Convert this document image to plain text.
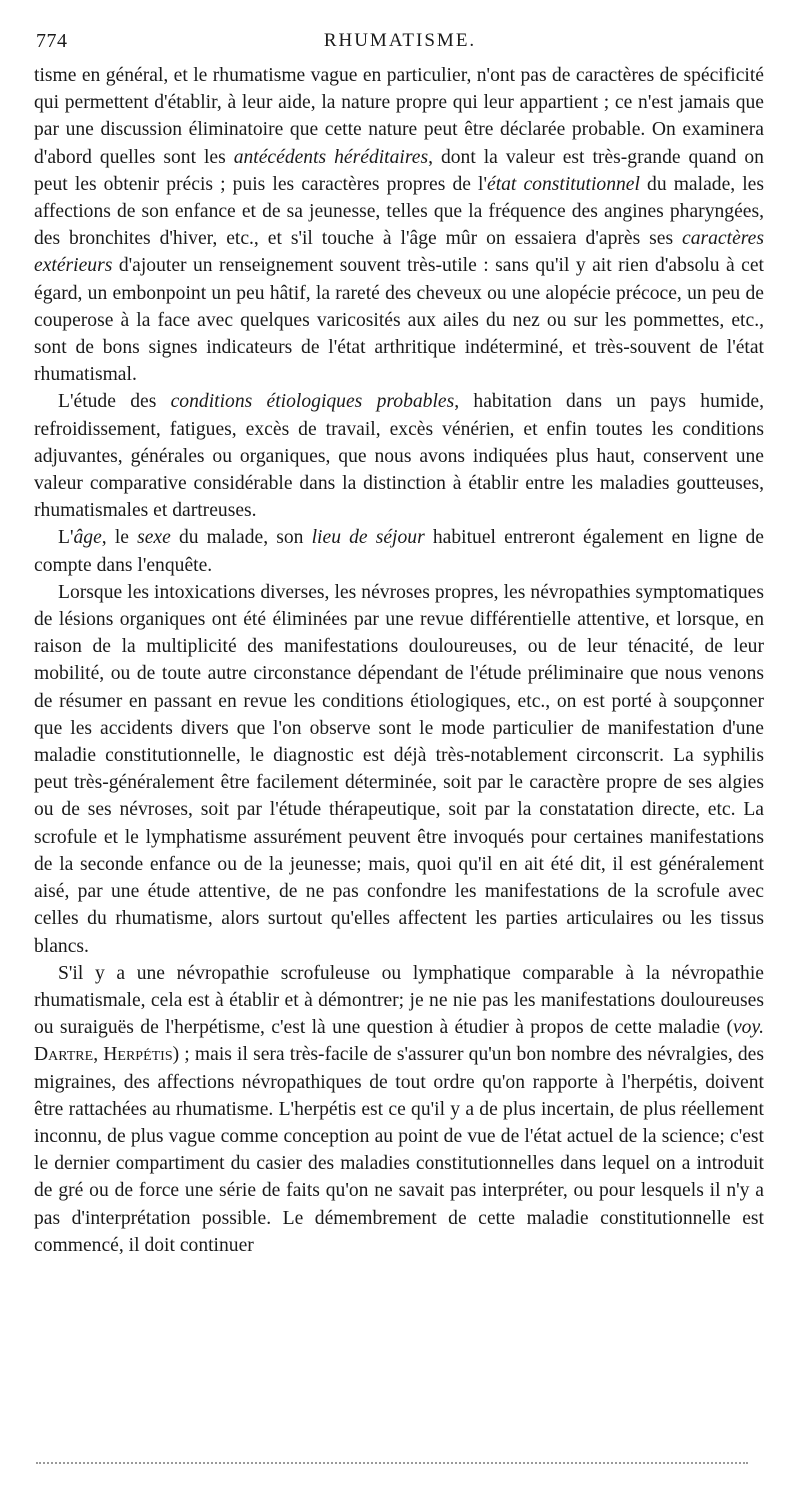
774	RHUMATISME.

tisme en général, et le rhumatisme vague en particulier, n'ont pas de caractères de spécificité qui permettent d'établir, à leur aide, la nature propre qui leur appartient ; ce n'est jamais que par une discussion éliminatoire que cette nature peut être déclarée probable. On examinera d'abord quelles sont les antécédents héréditaires, dont la valeur est très-grande quand on peut les obtenir précis ; puis les caractères propres de l'état constitutionnel du malade, les affections de son enfance et de sa jeunesse, telles que la fréquence des angines pharyngées, des bronchites d'hiver, etc., et s'il touche à l'âge mûr on essaiera d'après ses caractères extérieurs d'ajouter un renseignement souvent très-utile : sans qu'il y ait rien d'absolu à cet égard, un embonpoint un peu hâtif, la rareté des cheveux ou une alopécie précoce, un peu de couperose à la face avec quelques varicosités aux ailes du nez ou sur les pommettes, etc., sont de bons signes indicateurs de l'état arthritique indéterminé, et très-souvent de l'état rhumatismal.

L'étude des conditions étiologiques probables, habitation dans un pays humide, refroidissement, fatigues, excès de travail, excès vénérien, et enfin toutes les conditions adjuvantes, générales ou organiques, que nous avons indiquées plus haut, conservent une valeur comparative considérable dans la distinction à établir entre les maladies goutteuses, rhumatismales et dartreuses.

L'âge, le sexe du malade, son lieu de séjour habituel entreront également en ligne de compte dans l'enquête.

Lorsque les intoxications diverses, les névroses propres, les névropathies symptomatiques de lésions organiques ont été éliminées par une revue différentielle attentive, et lorsque, en raison de la multiplicité des manifestations douloureuses, ou de leur ténacité, de leur mobilité, ou de toute autre circonstance dépendant de l'étude préliminaire que nous venons de résumer en passant en revue les conditions étiologiques, etc., on est porté à soupçonner que les accidents divers que l'on observe sont le mode particulier de manifestation d'une maladie constitutionnelle, le diagnostic est déjà très-notablement circonscrit. La syphilis peut très-généralement être facilement déterminée, soit par le caractère propre de ses algies ou de ses névroses, soit par l'étude thérapeutique, soit par la constatation directe, etc. La scrofule et le lymphatisme assurément peuvent être invoqués pour certaines manifestations de la seconde enfance ou de la jeunesse; mais, quoi qu'il en ait été dit, il est généralement aisé, par une étude attentive, de ne pas confondre les manifestations de la scrofule avec celles du rhumatisme, alors surtout qu'elles affectent les parties articulaires ou les tissus blancs.

S'il y a une névropathie scrofuleuse ou lymphatique comparable à la névropathie rhumatismale, cela est à établir et à démontrer; je ne nie pas les manifestations douloureuses ou suraiguës de l'herpétisme, c'est là une question à étudier à propos de cette maladie (voy. Dartre, Herpétis) ; mais il sera très-facile de s'assurer qu'un bon nombre des névralgies, des migraines, des affections névropathiques de tout ordre qu'on rapporte à l'herpétis, doivent être rattachées au rhumatisme. L'herpétis est ce qu'il y a de plus incertain, de plus réellement inconnu, de plus vague comme conception au point de vue de l'état actuel de la science; c'est le dernier compartiment du casier des maladies constitutionnelles dans lequel on a introduit de gré ou de force une série de faits qu'on ne savait pas interpréter, ou pour lesquels il n'y a pas d'interprétation possible. Le démembrement de cette maladie constitutionnelle est commencé, il doit continuer
